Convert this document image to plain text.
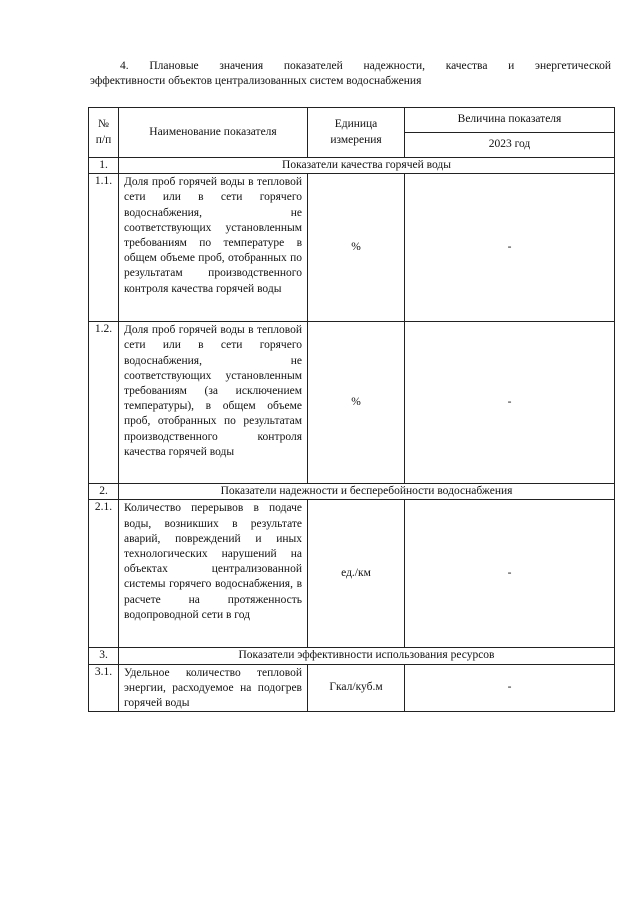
4. Плановые значения показателей надежности, качества и энергетической
эффективности объектов централизованных систем водоснабжения
№ п/п	Наименование показателя	Единица измерения	Величина показателя
			2023 год
1.	Показатели качества горячей воды		
1.1.	Доля проб горячей воды в тепловой сети или в сети горячего водоснабжения, не соответствующих установленным требованиям по температуре в общем объеме проб, отобранных по результатам производственного контроля качества горячей воды	%	-
1.2.	Доля проб горячей воды в тепловой сети или в сети горячего водоснабжения, не соответствующих установленным требованиям (за исключением температуры), в общем объеме проб, отобранных по результатам производственного контроля качества горячей воды	%	-
2.	Показатели надежности и бесперебойности водоснабжения		
2.1.	Количество перерывов в подаче воды, возникших в результате аварий, повреждений и иных технологических нарушений на объектах централизованной системы горячего водоснабжения, в расчете на протяженность водопроводной сети в год	ед./км	-
3.	Показатели эффективности использования ресурсов		
3.1.	Удельное количество тепловой энергии, расходуемое на подогрев горячей воды	Гкал/куб.м	-
